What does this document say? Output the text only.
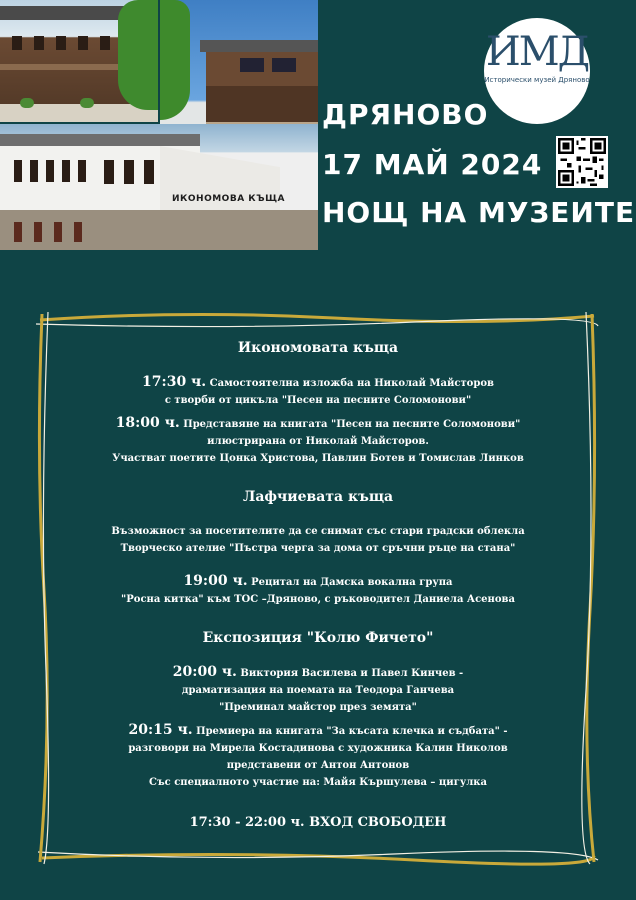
ИКОНОМОВА КЪЩА
ИМД
Исторически музей Дряново
ДРЯНОВО
17 МАЙ 2024
НОЩ НА МУЗЕИТЕ
Икономовата къща
17:30 ч. Самостоятелна изложба на Николай Майсторов
с творби от цикъла "Песен на песните Соломонови"
18:00 ч. Представяне на книгата "Песен на песните Соломонови"
илюстрирана от Николай Майсторов.
Участват поетите Цонка Христова, Павлин Ботев и Томислав Линков
Лафчиевата къща
Възможност за посетителите да се снимат със стари градски облекла
Творческо ателие "Пъстра черга за дома от сръчни ръце на стана"
19:00 ч. Рецитал на Дамска вокална група
"Росна китка" към ТОС –Дряново, с ръководител Даниела Асенова
Експозиция "Колю Фичето"
20:00 ч. Виктория Василева и Павел Кинчев -
драматизация на поемата на Теодора Ганчева
"Преминал майстор през земята"
20:15 ч. Премиера на книгата "За късата клечка и съдбата" -
разговори на Мирела Костадинова с художника Калин Николов
представени от Антон Антонов
Със специалното участие на: Майя Кършулева – цигулка
17:30 - 22:00 ч. ВХОД СВОБОДЕН
